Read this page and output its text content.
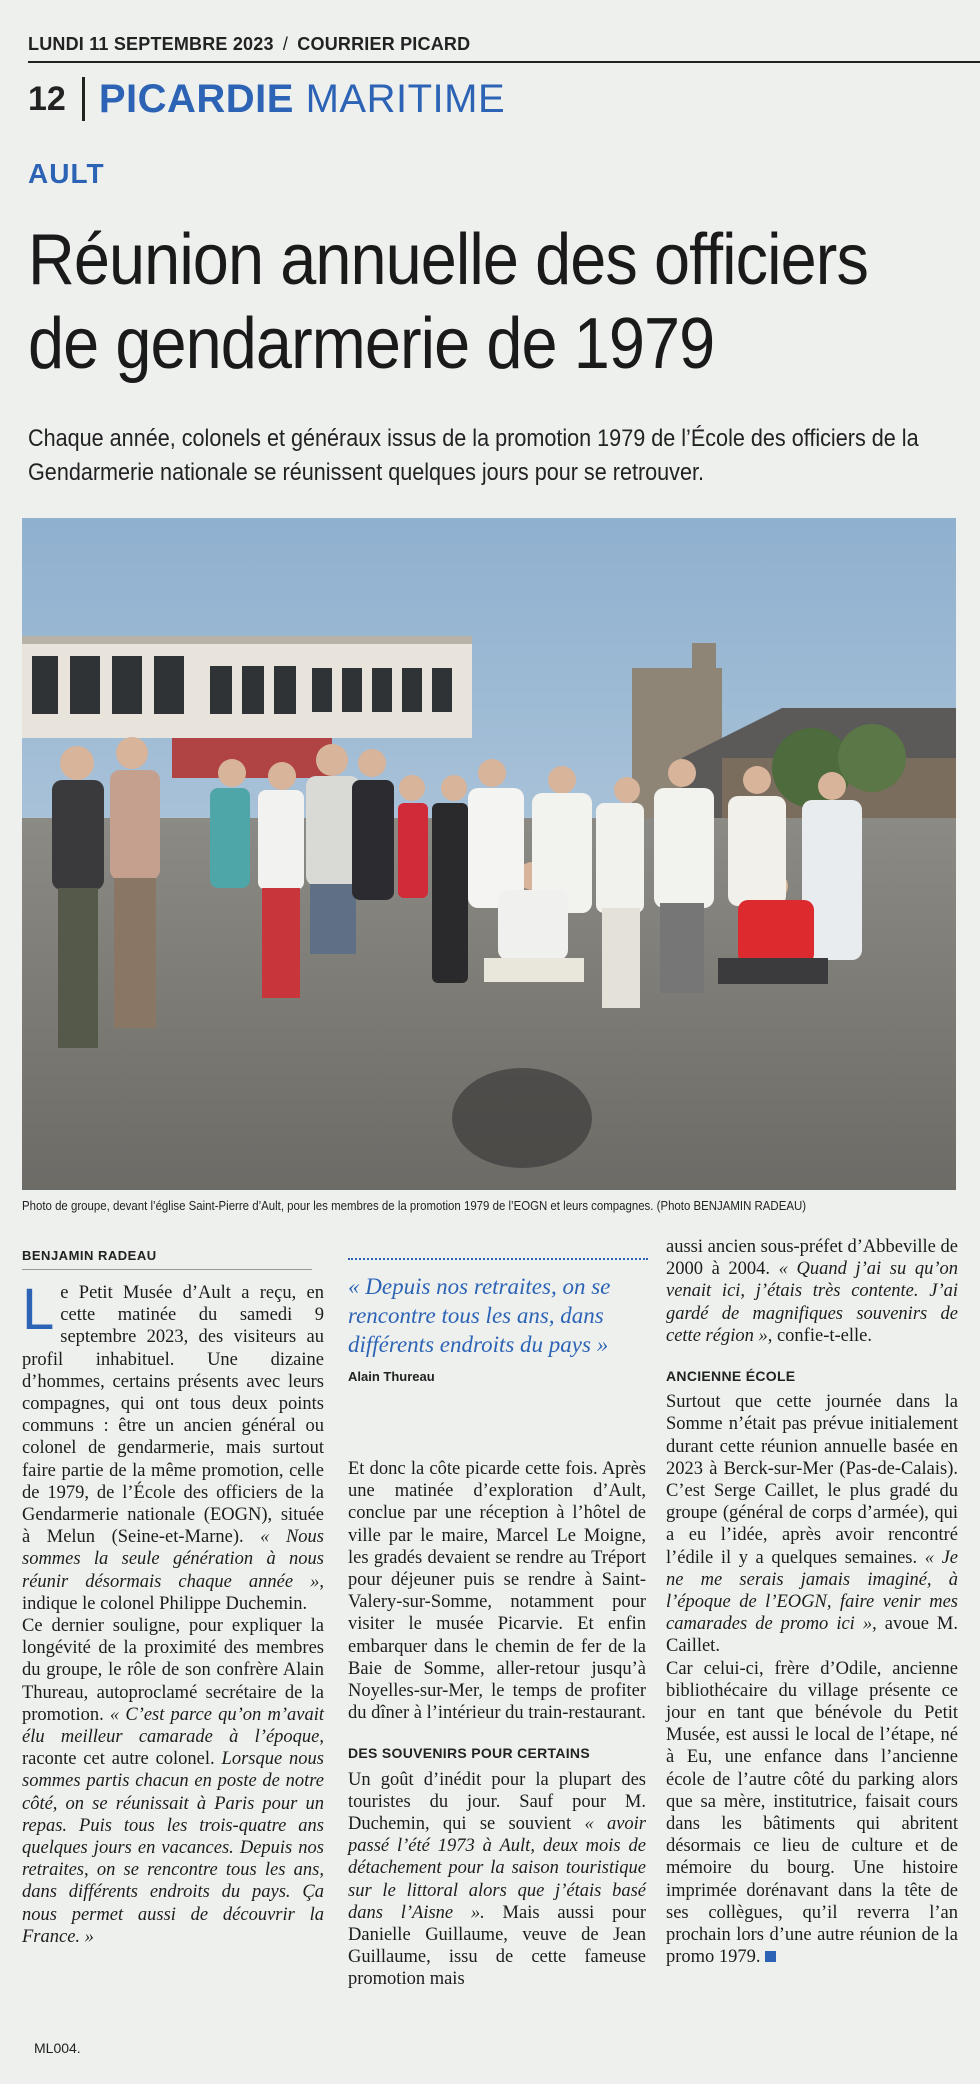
LUNDI 11 SEPTEMBRE 2023 / COURRIER PICARD
12 PICARDIE MARITIME
AULT
Réunion annuelle des officiers
de gendarmerie de 1979
Chaque année, colonels et généraux issus de la promotion 1979 de l’École des officiers de la Gendarmerie nationale se réunissent quelques jours pour se retrouver.
Photo de groupe, devant l’église Saint-Pierre d’Ault, pour les membres de la promotion 1979 de l’EOGN et leurs compagnes. (Photo BENJAMIN RADEAU)
BENJAMIN RADEAU

Le Petit Musée d’Ault a reçu, en cette matinée du samedi 9 septembre 2023, des visiteurs au profil inhabituel. Une dizaine d’hommes, certains présents avec leurs compagnes, qui ont tous deux points communs : être un ancien général ou colonel de gendarmerie, mais surtout faire partie de la même promotion, celle de 1979, de l’École des officiers de la Gendarmerie nationale (EOGN), située à Melun (Seine-et-Marne). « Nous sommes la seule génération à nous réunir désormais chaque année », indique le colonel Philippe Duchemin.

Ce dernier souligne, pour expliquer la longévité de la proximité des membres du groupe, le rôle de son confrère Alain Thureau, autoproclamé secrétaire de la promotion. « C’est parce qu’on m’avait élu meilleur camarade à l’époque, raconte cet autre colonel. Lorsque nous sommes partis chacun en poste de notre côté, on se réunissait à Paris pour un repas. Puis tous les trois-quatre ans quelques jours en vacances. Depuis nos retraites, on se rencontre tous les ans, dans différents endroits du pays. Ça nous permet aussi de découvrir la France. »

« Depuis nos retraites, on se rencontre tous les ans, dans différents endroits du pays »
Alain Thureau

Et donc la côte picarde cette fois. Après une matinée d’exploration d’Ault, conclue par une réception à l’hôtel de ville par le maire, Marcel Le Moigne, les gradés devaient se rendre au Tréport pour déjeuner puis se rendre à Saint-Valery-sur-Somme, notamment pour visiter le musée Picarvie. Et enfin embarquer dans le chemin de fer de la Baie de Somme, aller-retour jusqu’à Noyelles-sur-Mer, le temps de profiter du dîner à l’intérieur du train-restaurant.

DES SOUVENIRS POUR CERTAINS

Un goût d’inédit pour la plupart des touristes du jour. Sauf pour M. Duchemin, qui se souvient « avoir passé l’été 1973 à Ault, deux mois de détachement pour la saison touristique sur le littoral alors que j’étais basé dans l’Aisne ». Mais aussi pour Danielle Guillaume, veuve de Jean Guillaume, issu de cette fameuse promotion mais

aussi ancien sous-préfet d’Abbeville de 2000 à 2004. « Quand j’ai su qu’on venait ici, j’étais très contente. J’ai gardé de magnifiques souvenirs de cette région », confie-t-elle.

ANCIENNE ÉCOLE

Surtout que cette journée dans la Somme n’était pas prévue initialement durant cette réunion annuelle basée en 2023 à Berck-sur-Mer (Pas-de-Calais). C’est Serge Caillet, le plus gradé du groupe (général de corps d’armée), qui a eu l’idée, après avoir rencontré l’édile il y a quelques semaines. « Je ne me serais jamais imaginé, à l’époque de l’EOGN, faire venir mes camarades de promo ici », avoue M. Caillet.

Car celui-ci, frère d’Odile, ancienne bibliothécaire du village présente ce jour en tant que bénévole du Petit Musée, est aussi le local de l’étape, né à Eu, une enfance dans l’ancienne école de l’autre côté du parking alors que sa mère, institutrice, faisait cours dans les bâtiments qui abritent désormais ce lieu de culture et de mémoire du bourg. Une histoire imprimée dorénavant dans la tête de ses collègues, qu’il reverra l’an prochain lors d’une autre réunion de la promo 1979.

ML004.
